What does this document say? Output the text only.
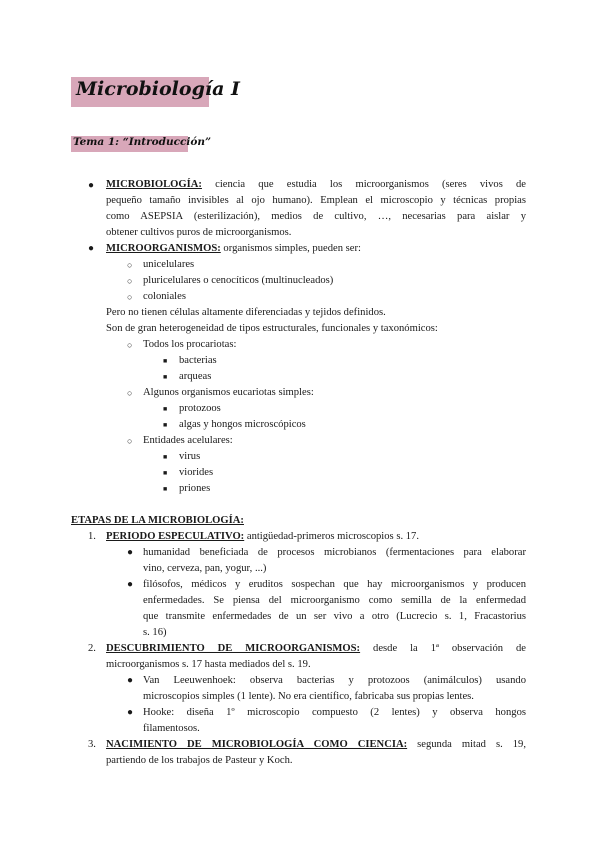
Microbiología I
Tema 1: “Introducción”
● MICROBIOLOGÍA: ciencia que estudia los microorganismos (seres vivos de
pequeño tamaño invisibles al ojo humano). Emplean el microscopio y técnicas propias
como ASEPSIA (esterilización), medios de cultivo, …, necesarias para aislar y
obtener cultivos puros de microorganismos.
● MICROORGANISMOS: organismos simples, pueden ser:
○ unicelulares
○ pluricelulares o cenocíticos (multinucleados)
○ coloniales
Pero no tienen células altamente diferenciadas y tejidos definidos.
Son de gran heterogeneidad de tipos estructurales, funcionales y taxonómicos:
○ Todos los procariotas:
■ bacterias
■ arqueas
○ Algunos organismos eucariotas simples:
■ protozoos
■ algas y hongos microscópicos
○ Entidades acelulares:
■ virus
■ viorides
■ priones
ETAPAS DE LA MICROBIOLOGÍA:
1. PERIODO ESPECULATIVO: antigüedad-primeros microscopios s. 17.
● humanidad beneficiada de procesos microbianos (fermentaciones para elaborar
vino, cerveza, pan, yogur, ...)
● filósofos, médicos y eruditos sospechan que hay microorganismos y producen
enfermedades. Se piensa del microorganismo como semilla de la enfermedad
que transmite enfermedades de un ser vivo a otro (Lucrecio s. 1, Fracastorius
s. 16)
2. DESCUBRIMIENTO DE MICROORGANISMOS: desde la 1ª observación de
microorganismos s. 17 hasta mediados del s. 19.
● Van Leeuwenhoek: observa bacterias y protozoos (animálculos) usando
microscopios simples (1 lente). No era científico, fabricaba sus propias lentes.
● Hooke: diseña 1º microscopio compuesto (2 lentes) y observa hongos
filamentosos.
3. NACIMIENTO DE MICROBIOLOGÍA COMO CIENCIA: segunda mitad s. 19,
partiendo de los trabajos de Pasteur y Koch.
